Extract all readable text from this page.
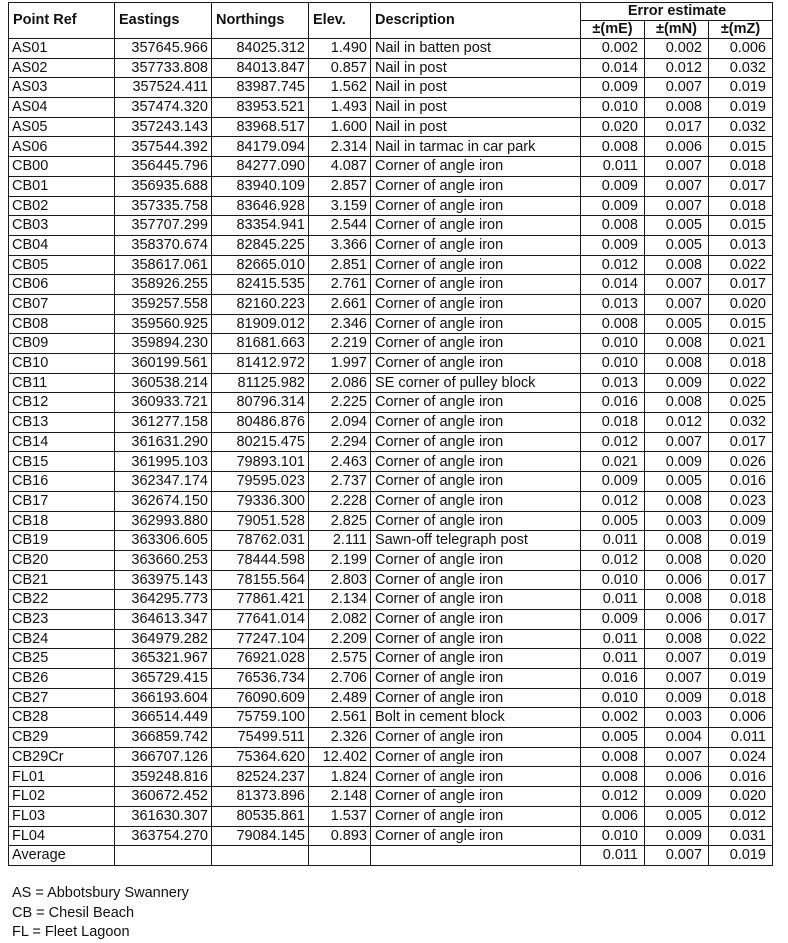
Point Ref	Eastings	Northings	Elev.	Description	Error estimate		
					±(mE)	±(mN)	±(mZ)
AS01	357645.966	84025.312	1.490	Nail in batten post	0.002	0.002	0.006
AS02	357733.808	84013.847	0.857	Nail in post	0.014	0.012	0.032
AS03	357524.411	83987.745	1.562	Nail in post	0.009	0.007	0.019
AS04	357474.320	83953.521	1.493	Nail in post	0.010	0.008	0.019
AS05	357243.143	83968.517	1.600	Nail in post	0.020	0.017	0.032
AS06	357544.392	84179.094	2.314	Nail in tarmac in car park	0.008	0.006	0.015
CB00	356445.796	84277.090	4.087	Corner of angle iron	0.011	0.007	0.018
CB01	356935.688	83940.109	2.857	Corner of angle iron	0.009	0.007	0.017
CB02	357335.758	83646.928	3.159	Corner of angle iron	0.009	0.007	0.018
CB03	357707.299	83354.941	2.544	Corner of angle iron	0.008	0.005	0.015
CB04	358370.674	82845.225	3.366	Corner of angle iron	0.009	0.005	0.013
CB05	358617.061	82665.010	2.851	Corner of angle iron	0.012	0.008	0.022
CB06	358926.255	82415.535	2.761	Corner of angle iron	0.014	0.007	0.017
CB07	359257.558	82160.223	2.661	Corner of angle iron	0.013	0.007	0.020
CB08	359560.925	81909.012	2.346	Corner of angle iron	0.008	0.005	0.015
CB09	359894.230	81681.663	2.219	Corner of angle iron	0.010	0.008	0.021
CB10	360199.561	81412.972	1.997	Corner of angle iron	0.010	0.008	0.018
CB11	360538.214	81125.982	2.086	SE corner of pulley block	0.013	0.009	0.022
CB12	360933.721	80796.314	2.225	Corner of angle iron	0.016	0.008	0.025
CB13	361277.158	80486.876	2.094	Corner of angle iron	0.018	0.012	0.032
CB14	361631.290	80215.475	2.294	Corner of angle iron	0.012	0.007	0.017
CB15	361995.103	79893.101	2.463	Corner of angle iron	0.021	0.009	0.026
CB16	362347.174	79595.023	2.737	Corner of angle iron	0.009	0.005	0.016
CB17	362674.150	79336.300	2.228	Corner of angle iron	0.012	0.008	0.023
CB18	362993.880	79051.528	2.825	Corner of angle iron	0.005	0.003	0.009
CB19	363306.605	78762.031	2.111	Sawn-off telegraph post	0.011	0.008	0.019
CB20	363660.253	78444.598	2.199	Corner of angle iron	0.012	0.008	0.020
CB21	363975.143	78155.564	2.803	Corner of angle iron	0.010	0.006	0.017
CB22	364295.773	77861.421	2.134	Corner of angle iron	0.011	0.008	0.018
CB23	364613.347	77641.014	2.082	Corner of angle iron	0.009	0.006	0.017
CB24	364979.282	77247.104	2.209	Corner of angle iron	0.011	0.008	0.022
CB25	365321.967	76921.028	2.575	Corner of angle iron	0.011	0.007	0.019
CB26	365729.415	76536.734	2.706	Corner of angle iron	0.016	0.007	0.019
CB27	366193.604	76090.609	2.489	Corner of angle iron	0.010	0.009	0.018
CB28	366514.449	75759.100	2.561	Bolt in cement block	0.002	0.003	0.006
CB29	366859.742	75499.511	2.326	Corner of angle iron	0.005	0.004	0.011
CB29Cr	366707.126	75364.620	12.402	Corner of angle iron	0.008	0.007	0.024
FL01	359248.816	82524.237	1.824	Corner of angle iron	0.008	0.006	0.016
FL02	360672.452	81373.896	2.148	Corner of angle iron	0.012	0.009	0.020
FL03	361630.307	80535.861	1.537	Corner of angle iron	0.006	0.005	0.012
FL04	363754.270	79084.145	0.893	Corner of angle iron	0.010	0.009	0.031
Average					0.011	0.007	0.019
AS = Abbotsbury Swannery
CB = Chesil Beach
FL = Fleet Lagoon
